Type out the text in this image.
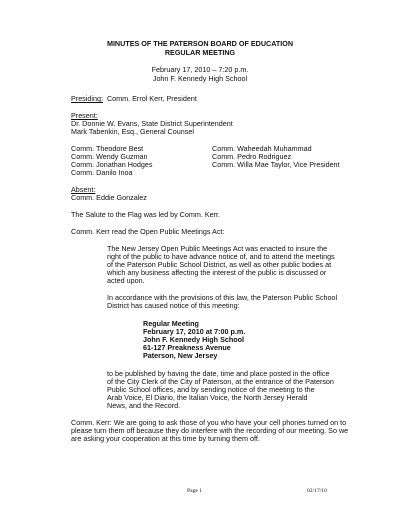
MINUTES OF THE PATERSON BOARD OF EDUCATION

REGULAR MEETING

February 17, 2010 – 7:20 p.m.

John F. Kennedy High School

Presiding: Comm. Errol Kerr, President

Present:

Dr. Donnie W. Evans, State District Superintendent

Mark Tabenkin, Esq., General Counsel

Comm. Theodore Best

Comm. Wendy Guzman

Comm. Jonathan Hodges

Comm. Danilo Inoa

Comm. Waheedah Muhammad

Comm. Pedro Rodriguez

Comm. Willa Mae Taylor, Vice President

Absent:

Comm. Eddie Gonzalez

The Salute to the Flag was led by Comm. Kerr.

Comm. Kerr read the Open Public Meetings Act:

The New Jersey Open Public Meetings Act was enacted to insure the

right of the public to have advance notice of, and to attend the meetings

of the Paterson Public School District, as well as other public bodies at

which any business affecting the interest of the public is discussed or

acted upon.

In accordance with the provisions of this law, the Paterson Public School

District has caused notice of this meeting:

Regular Meeting

February 17, 2010 at 7:00 p.m.

John F. Kennedy High School

61-127 Preakness Avenue

Paterson, New Jersey

to be published by having the date, time and place posted in the office

of the City Clerk of the City of Paterson, at the entrance of the Paterson

Public School offices, and by sending notice of the meeting to the

Arab Voice, El Diario, the Italian Voice, the North Jersey Herald

News, and the Record.

Comm. Kerr: We are going to ask those of you who have your cell phones turned on to

please turn them off because they do interfere with the recording of our meeting. So we

are asking your cooperation at this time by turning them off.

Page 1	02/17/10
